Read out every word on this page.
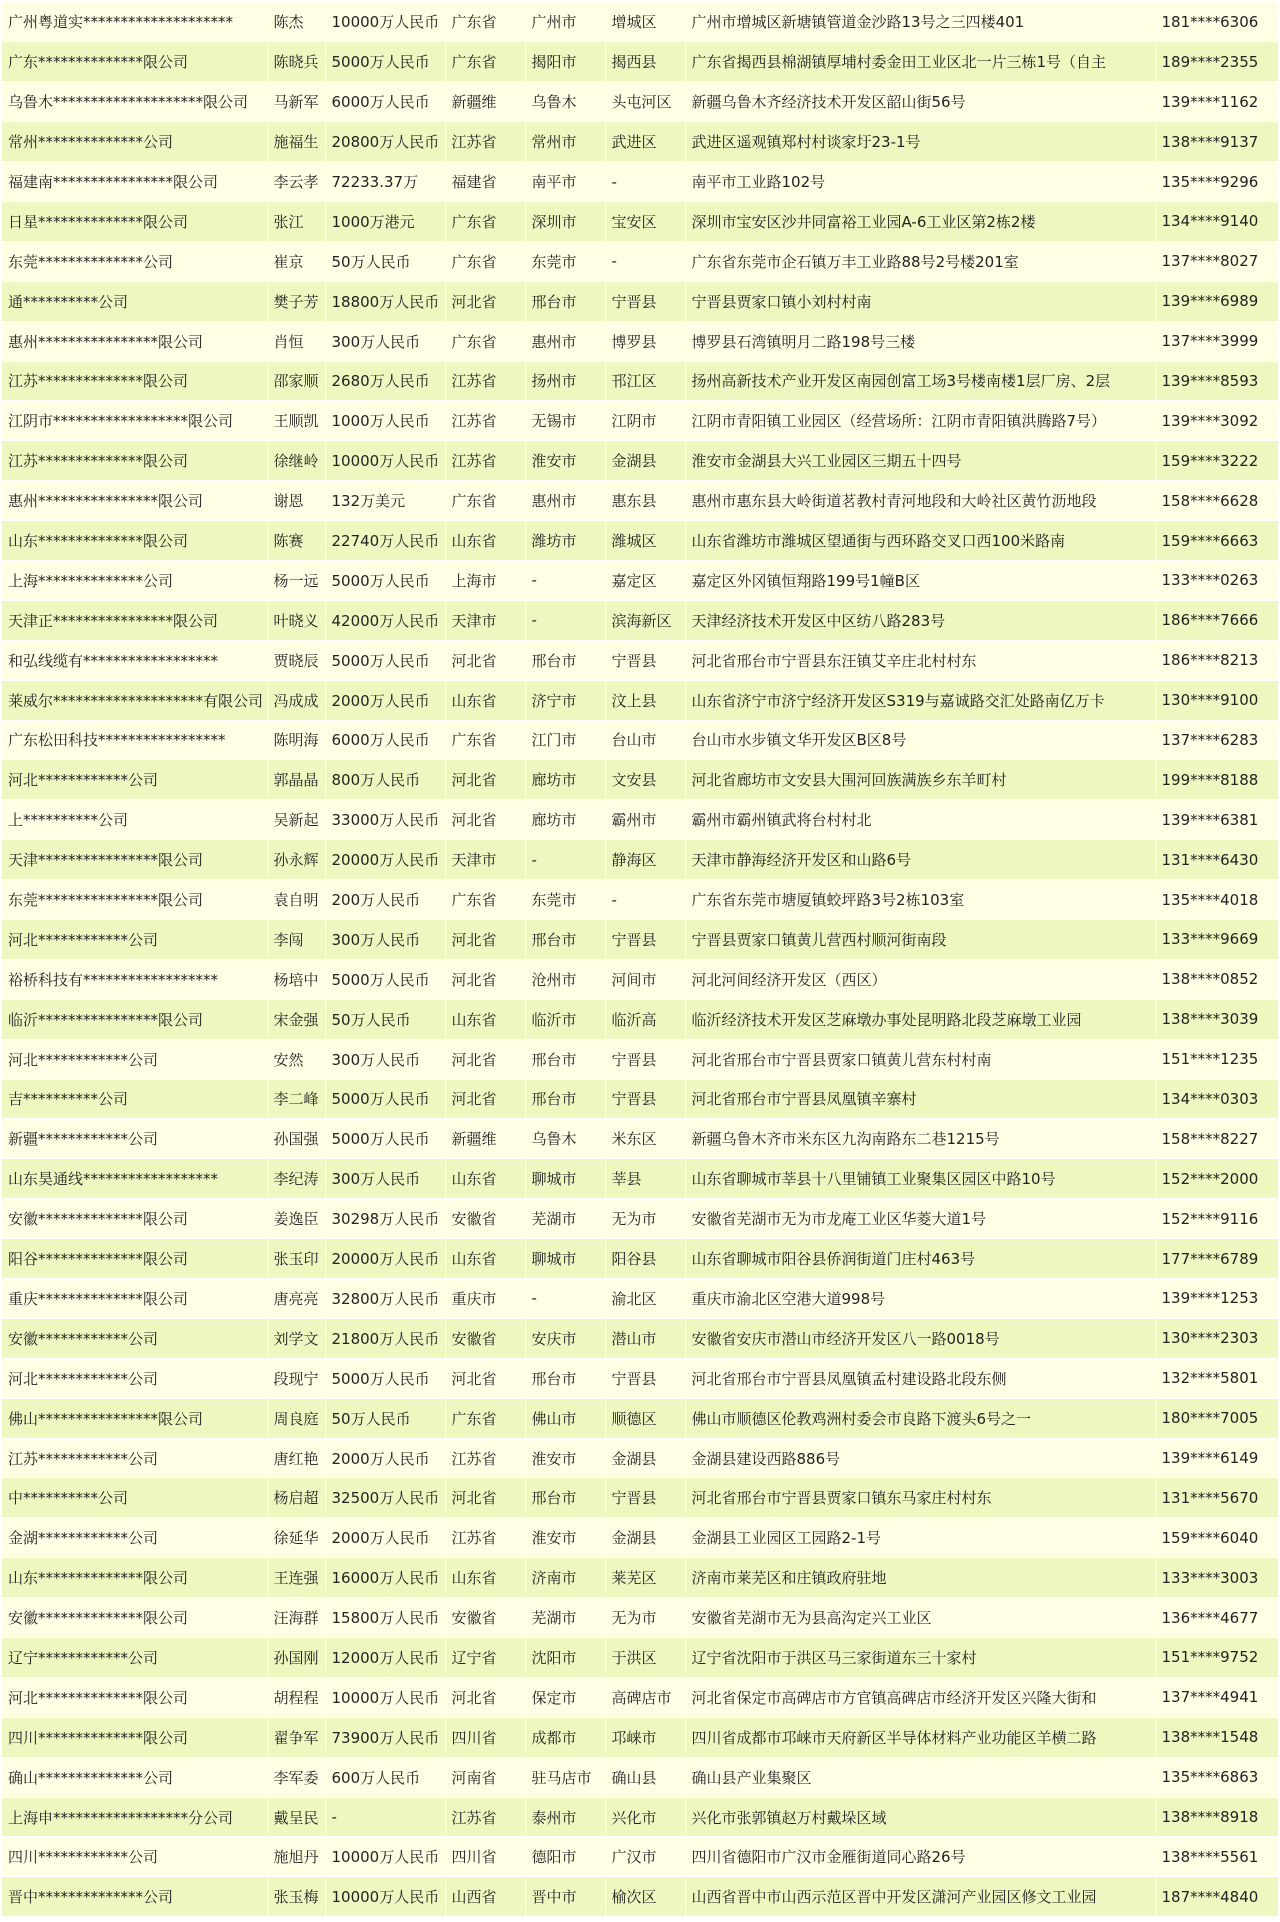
广州粤道实********************	陈杰	10000万人民币	广东省	广州市	增城区	广州市增城区新塘镇管道金沙路13号之三四楼401	181****6306
广东**************限公司	陈晓兵	5000万人民币	广东省	揭阳市	揭西县	广东省揭西县棉湖镇厚埔村委金田工业区北一片三栋1号（自主	189****2355
乌鲁木********************限公司	马新军	6000万人民币	新疆维	乌鲁木	头屯河区	新疆乌鲁木齐经济技术开发区韶山街56号	139****1162
常州**************公司	施福生	20800万人民币	江苏省	常州市	武进区	武进区遥观镇郑村村谈家圩23-1号	138****9137
福建南****************限公司	李云孝	72233.37万	福建省	南平市	-	南平市工业路102号	135****9296
日星**************限公司	张江	1000万港元	广东省	深圳市	宝安区	深圳市宝安区沙井同富裕工业园A-6工业区第2栋2楼	134****9140
东莞**************公司	崔京	50万人民币	广东省	东莞市	-	广东省东莞市企石镇万丰工业路88号2号楼201室	137****8027
通**********公司	樊子芳	18800万人民币	河北省	邢台市	宁晋县	宁晋县贾家口镇小刘村村南	139****6989
惠州****************限公司	肖恒	300万人民币	广东省	惠州市	博罗县	博罗县石湾镇明月二路198号三楼	137****3999
江苏**************限公司	邵家顺	2680万人民币	江苏省	扬州市	邗江区	扬州高新技术产业开发区南园创富工场3号楼南楼1层厂房、2层	139****8593
江阴市******************限公司	王顺凯	1000万人民币	江苏省	无锡市	江阴市	江阴市青阳镇工业园区（经营场所：江阴市青阳镇洪腾路7号）	139****3092
江苏**************限公司	徐继岭	10000万人民币	江苏省	淮安市	金湖县	淮安市金湖县大兴工业园区三期五十四号	159****3222
惠州****************限公司	谢恩	132万美元	广东省	惠州市	惠东县	惠州市惠东县大岭街道茗教村青河地段和大岭社区黄竹沥地段	158****6628
山东**************限公司	陈赛	22740万人民币	山东省	潍坊市	潍城区	山东省潍坊市潍城区望通街与西环路交叉口西100米路南	159****6663
上海**************公司	杨一远	5000万人民币	上海市	-	嘉定区	嘉定区外冈镇恒翔路199号1幢B区	133****0263
天津正****************限公司	叶晓义	42000万人民币	天津市	-	滨海新区	天津经济技术开发区中区纺八路283号	186****7666
和弘线缆有******************	贾晓辰	5000万人民币	河北省	邢台市	宁晋县	河北省邢台市宁晋县东汪镇艾辛庄北村村东	186****8213
莱威尔********************有限公司	冯成成	2000万人民币	山东省	济宁市	汶上县	山东省济宁市济宁经济开发区S319与嘉诚路交汇处路南亿万卡	130****9100
广东松田科技*****************	陈明海	6000万人民币	广东省	江门市	台山市	台山市水步镇文华开发区B区8号	137****6283
河北************公司	郭晶晶	800万人民币	河北省	廊坊市	文安县	河北省廊坊市文安县大围河回族满族乡东羊町村	199****8188
上**********公司	吴新起	33000万人民币	河北省	廊坊市	霸州市	霸州市霸州镇武将台村村北	139****6381
天津****************限公司	孙永辉	20000万人民币	天津市	-	静海区	天津市静海经济开发区和山路6号	131****6430
东莞****************限公司	袁自明	200万人民币	广东省	东莞市	-	广东省东莞市塘厦镇蛟坪路3号2栋103室	135****4018
河北************公司	李闯	300万人民币	河北省	邢台市	宁晋县	宁晋县贾家口镇黄儿营西村顺河街南段	133****9669
裕桥科技有******************	杨培中	5000万人民币	河北省	沧州市	河间市	河北河间经济开发区（西区）	138****0852
临沂****************限公司	宋金强	50万人民币	山东省	临沂市	临沂高	临沂经济技术开发区芝麻墩办事处昆明路北段芝麻墩工业园	138****3039
河北************公司	安然	300万人民币	河北省	邢台市	宁晋县	河北省邢台市宁晋县贾家口镇黄儿营东村村南	151****1235
吉**********公司	李二峰	5000万人民币	河北省	邢台市	宁晋县	河北省邢台市宁晋县凤凰镇辛寨村	134****0303
新疆************公司	孙国强	5000万人民币	新疆维	乌鲁木	米东区	新疆乌鲁木齐市米东区九沟南路东二巷1215号	158****8227
山东昊通线******************	李纪涛	300万人民币	山东省	聊城市	莘县	山东省聊城市莘县十八里铺镇工业聚集区园区中路10号	152****2000
安徽**************限公司	姜逸臣	30298万人民币	安徽省	芜湖市	无为市	安徽省芜湖市无为市龙庵工业区华菱大道1号	152****9116
阳谷**************限公司	张玉印	20000万人民币	山东省	聊城市	阳谷县	山东省聊城市阳谷县侨润街道门庄村463号	177****6789
重庆**************限公司	唐亮亮	32800万人民币	重庆市	-	渝北区	重庆市渝北区空港大道998号	139****1253
安徽************公司	刘学文	21800万人民币	安徽省	安庆市	潜山市	安徽省安庆市潜山市经济开发区八一路0018号	130****2303
河北************公司	段现宁	5000万人民币	河北省	邢台市	宁晋县	河北省邢台市宁晋县凤凰镇孟村建设路北段东侧	132****5801
佛山****************限公司	周良庭	50万人民币	广东省	佛山市	顺德区	佛山市顺德区伦教鸡洲村委会市良路下渡头6号之一	180****7005
江苏************公司	唐红艳	2000万人民币	江苏省	淮安市	金湖县	金湖县建设西路886号	139****6149
中**********公司	杨启超	32500万人民币	河北省	邢台市	宁晋县	河北省邢台市宁晋县贾家口镇东马家庄村村东	131****5670
金湖************公司	徐延华	2000万人民币	江苏省	淮安市	金湖县	金湖县工业园区工园路2-1号	159****6040
山东**************限公司	王连强	16000万人民币	山东省	济南市	莱芜区	济南市莱芜区和庄镇政府驻地	133****3003
安徽**************限公司	汪海群	15800万人民币	安徽省	芜湖市	无为市	安徽省芜湖市无为县高沟定兴工业区	136****4677
辽宁************公司	孙国刚	12000万人民币	辽宁省	沈阳市	于洪区	辽宁省沈阳市于洪区马三家街道东三十家村	151****9752
河北**************限公司	胡程程	10000万人民币	河北省	保定市	高碑店市	河北省保定市高碑店市方官镇高碑店市经济开发区兴隆大街和	137****4941
四川**************限公司	翟争军	73900万人民币	四川省	成都市	邛崃市	四川省成都市邛崃市天府新区半导体材料产业功能区羊横二路	138****1548
确山**************公司	李军委	600万人民币	河南省	驻马店市	确山县	确山县产业集聚区	135****6863
上海申******************分公司	戴呈民	-	江苏省	泰州市	兴化市	兴化市张郭镇赵万村戴垛区域	138****8918
四川************公司	施旭丹	10000万人民币	四川省	德阳市	广汉市	四川省德阳市广汉市金雁街道同心路26号	138****5561
晋中**************公司	张玉梅	10000万人民币	山西省	晋中市	榆次区	山西省晋中市山西示范区晋中开发区潇河产业园区修文工业园	187****4840
